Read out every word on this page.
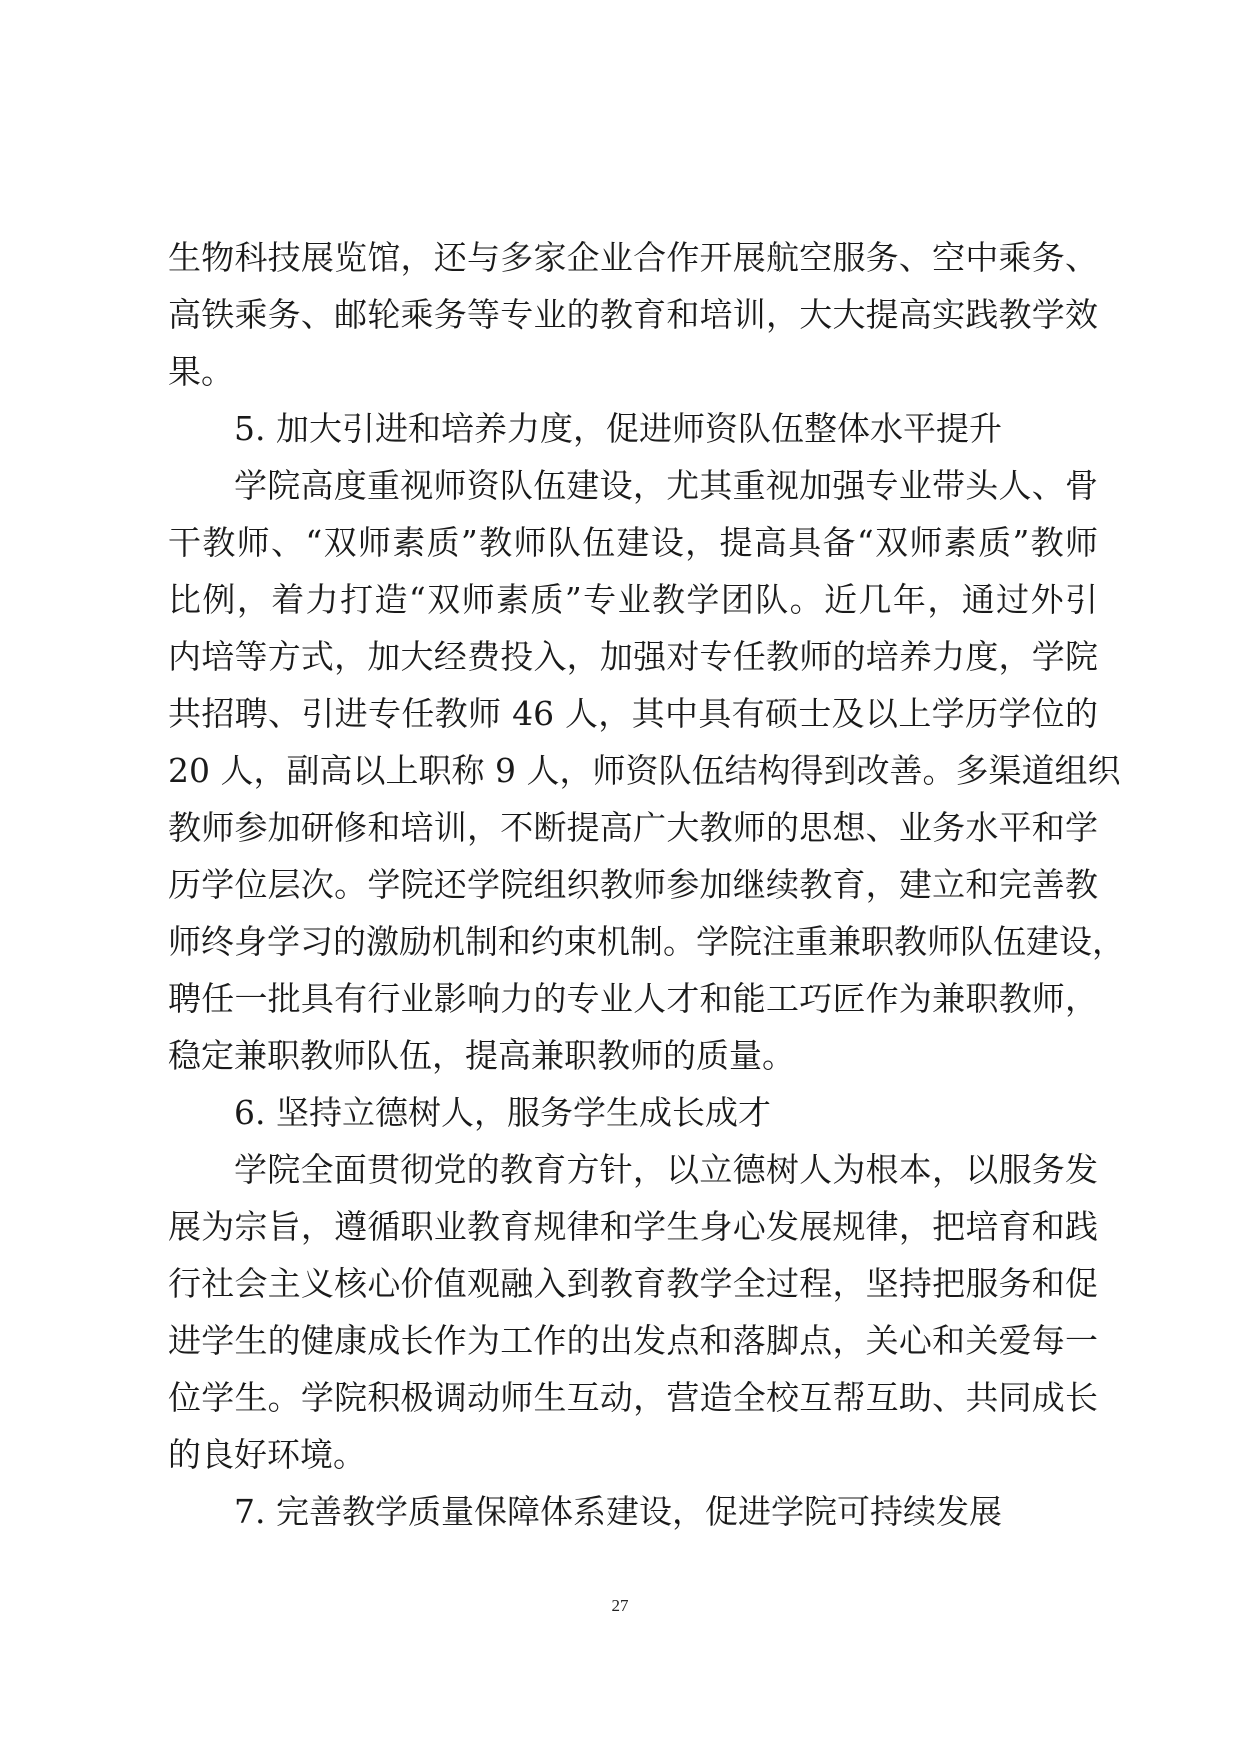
生物科技展览馆，还与多家企业合作开展航空服务、空中乘务、
高铁乘务、邮轮乘务等专业的教育和培训，大大提高实践教学效
果。
5. 加大引进和培养力度，促进师资队伍整体水平提升
学院高度重视师资队伍建设，尤其重视加强专业带头人、骨
干教师、“双师素质”教师队伍建设，提高具备“双师素质”教师
比例，着力打造“双师素质”专业教学团队。近几年，通过外引
内培等方式，加大经费投入，加强对专任教师的培养力度，学院
共招聘、引进专任教师 46 人，其中具有硕士及以上学历学位的
20 人，副高以上职称 9 人，师资队伍结构得到改善。多渠道组织
教师参加研修和培训，不断提高广大教师的思想、业务水平和学
历学位层次。学院还学院组织教师参加继续教育，建立和完善教
师终身学习的激励机制和约束机制。学院注重兼职教师队伍建设，
聘任一批具有行业影响力的专业人才和能工巧匠作为兼职教师，
稳定兼职教师队伍，提高兼职教师的质量。
6. 坚持立德树人，服务学生成长成才
学院全面贯彻党的教育方针，以立德树人为根本，以服务发
展为宗旨，遵循职业教育规律和学生身心发展规律，把培育和践
行社会主义核心价值观融入到教育教学全过程，坚持把服务和促
进学生的健康成长作为工作的出发点和落脚点，关心和关爱每一
位学生。学院积极调动师生互动，营造全校互帮互助、共同成长
的良好环境。
7. 完善教学质量保障体系建设，促进学院可持续发展
27
